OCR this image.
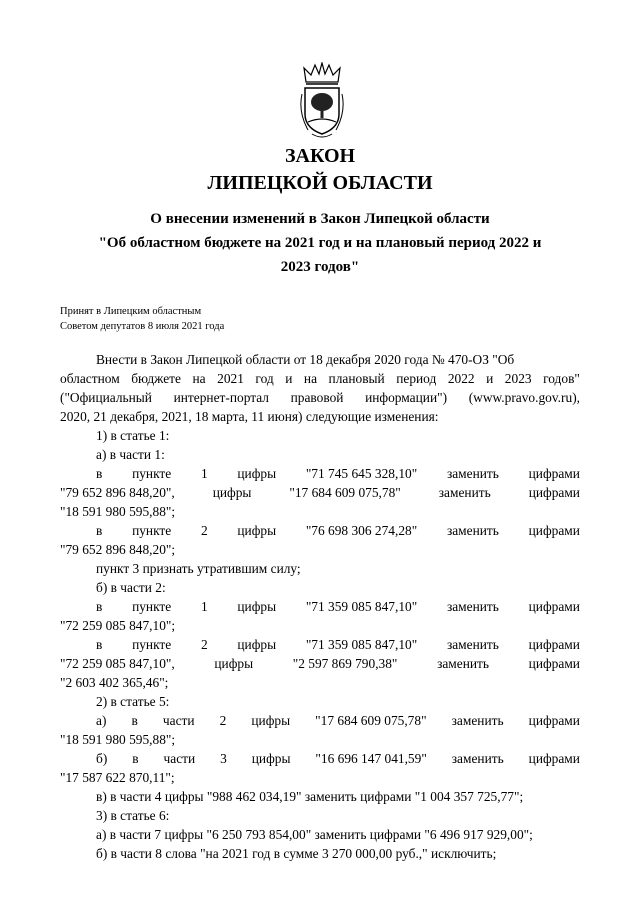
ЗАКОН
ЛИПЕЦКОЙ ОБЛАСТИ
О внесении изменений в Закон Липецкой области
"Об областном бюджете на 2021 год и на плановый период 2022 и
2023 годов"
Принят в Липецким областным
Советом депутатов 8 июля 2021 года
Внести в Закон Липецкой области от 18 декабря 2020 года № 470-ОЗ "Об
областном бюджете на 2021 год и на плановый период 2022 и 2023 годов"
("Официальный интернет-портал правовой информации") (www.pravo.gov.ru),
2020, 21 декабря, 2021, 18 марта, 11 июня) следующие изменения:
1) в статье 1:
а) в части 1:
в пункте 1 цифры "71 745 645 328,10" заменить цифрами
"79 652 896 848,20",	цифры	"17 684 609 075,78"	заменить	цифрами
"18 591 980 595,88";
в пункте 2 цифры "76 698 306 274,28" заменить цифрами
"79 652 896 848,20";
пункт 3 признать утратившим силу;
б) в части 2:
в пункте 1 цифры "71 359 085 847,10" заменить цифрами
"72 259 085 847,10";
в пункте 2 цифры "71 359 085 847,10" заменить цифрами
"72 259 085 847,10",	цифры	"2 597 869 790,38"	заменить	цифрами
"2 603 402 365,46";
2) в статье 5:
а) в части 2 цифры "17 684 609 075,78" заменить цифрами
"18 591 980 595,88";
б) в части 3 цифры "16 696 147 041,59" заменить цифрами
"17 587 622 870,11";
в) в части 4 цифры "988 462 034,19" заменить цифрами "1 004 357 725,77";
3) в статье 6:
а) в части 7 цифры "6 250 793 854,00" заменить цифрами "6 496 917 929,00";
б) в части 8 слова "на 2021 год в сумме 3 270 000,00 руб.," исключить;
